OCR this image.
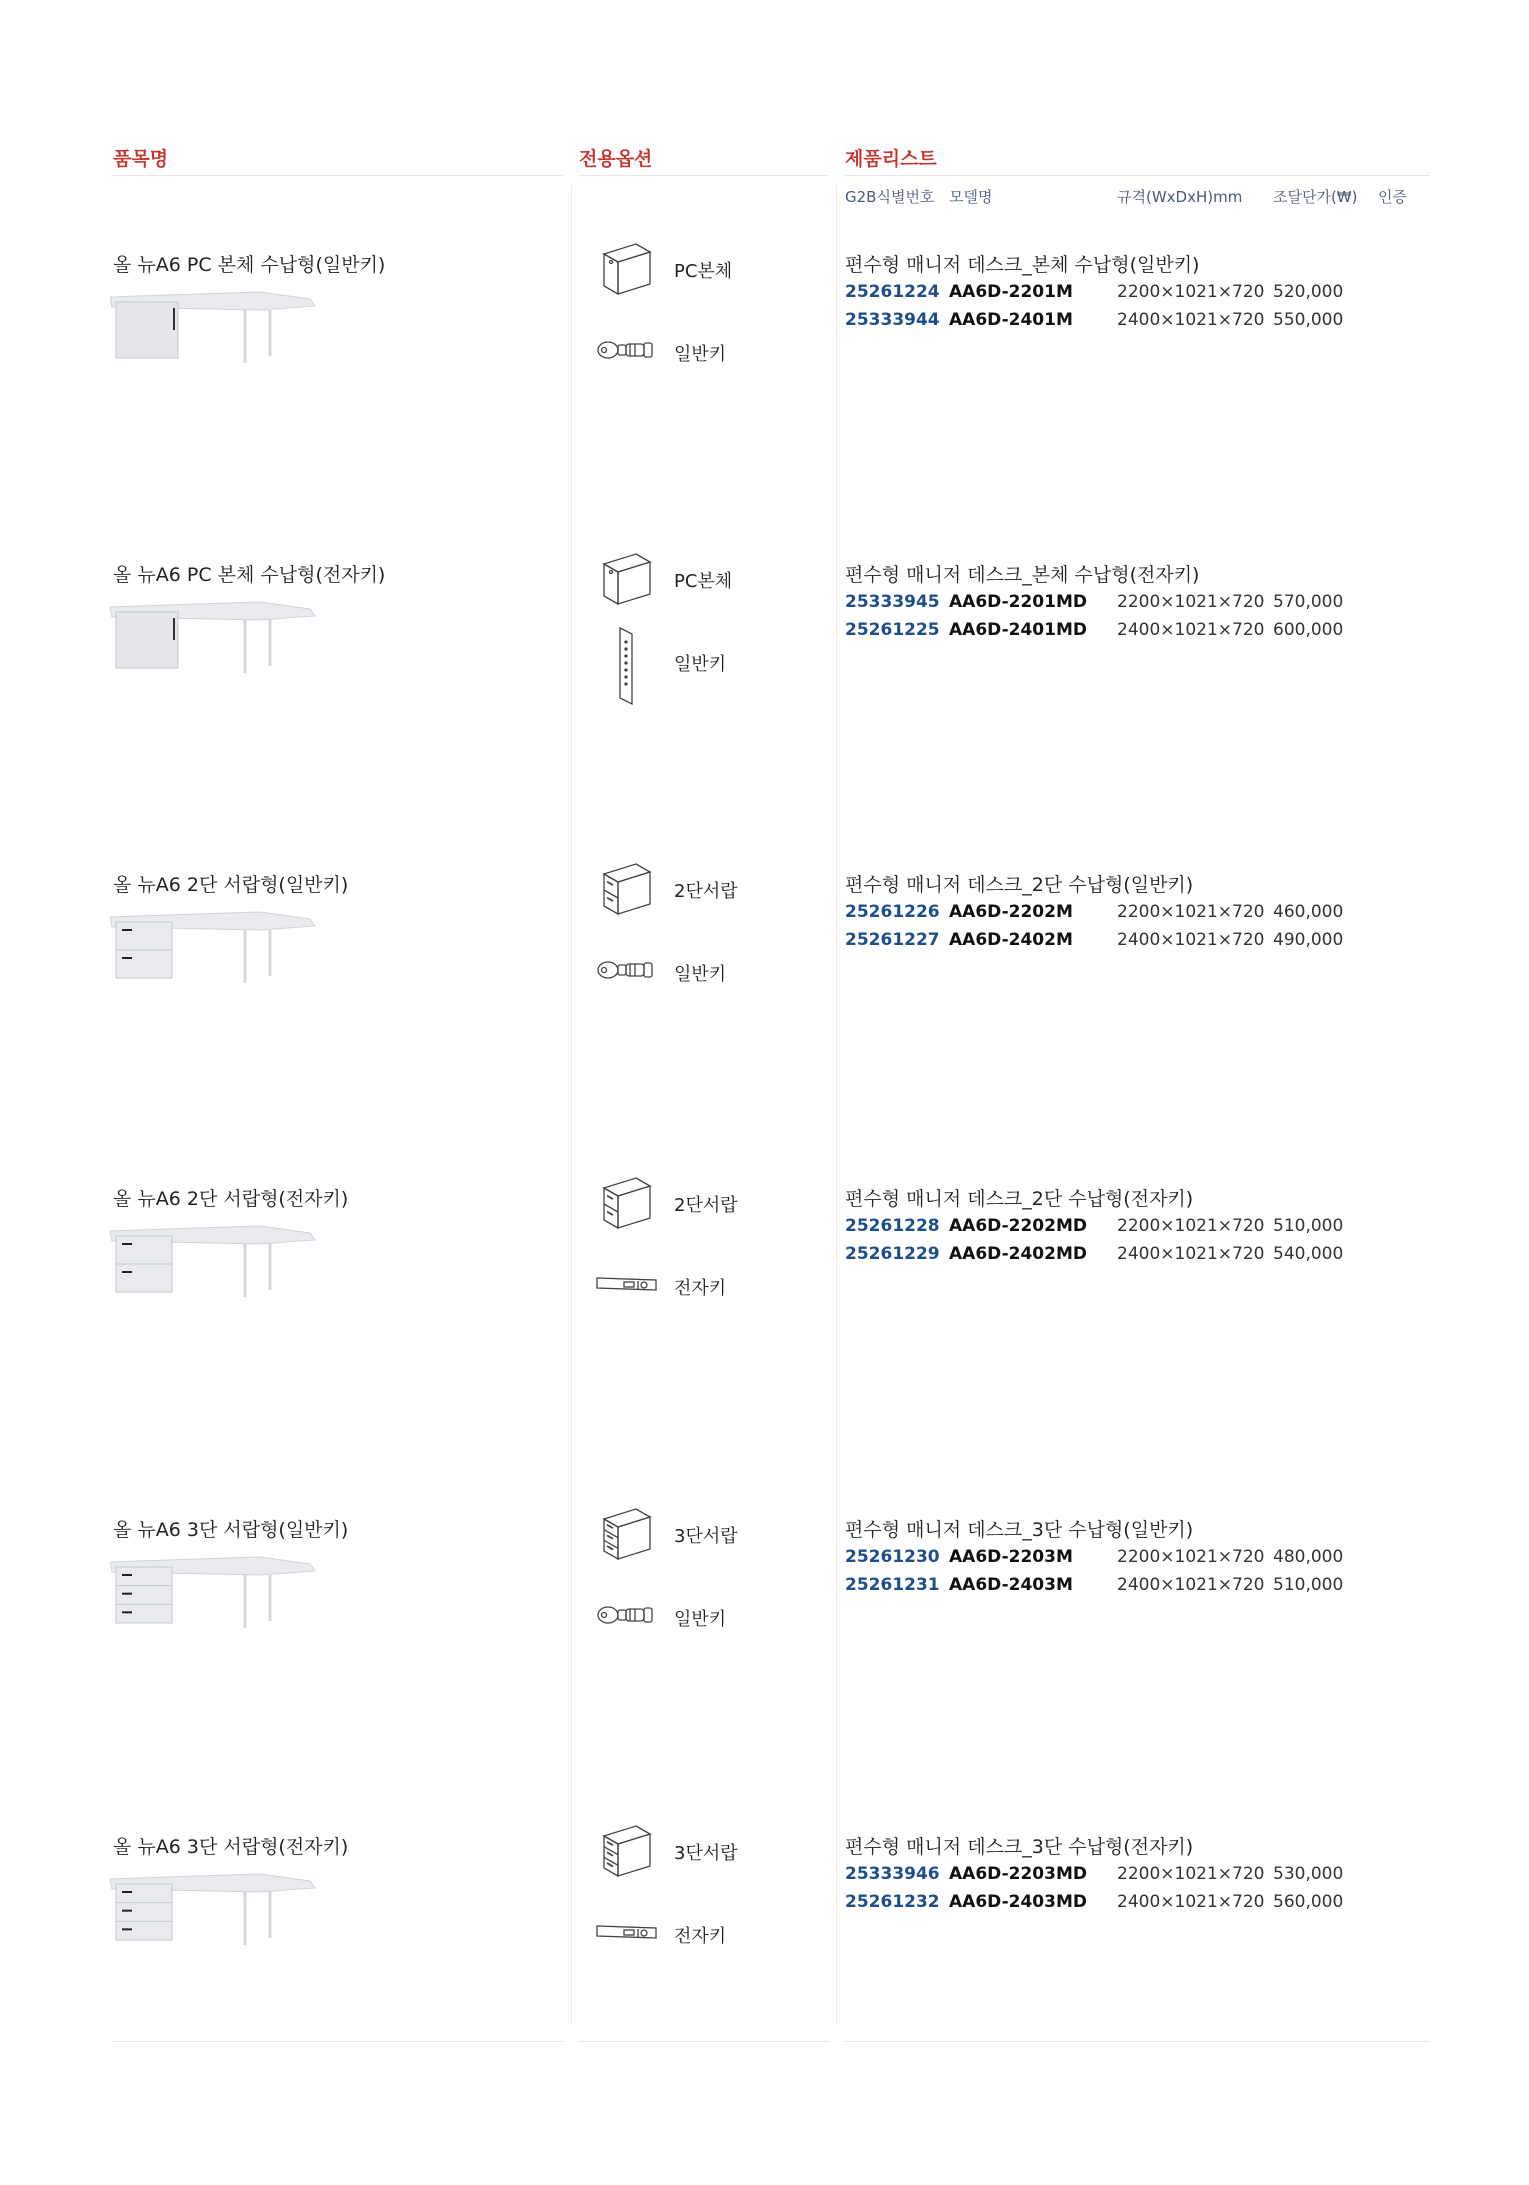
품목명	전용옵션	제품리스트
G2B식별번호 모델명	규격(WxDxH)mm 조달단가(₩) 인증
올 뉴A6 PC 본체 수납형(일반키)	PC본체
일반키
편수형 매니저 데스크_본체 수납형(일반키)
25261224 AA6D-2201M	2200×1021×720 520,000
25333944 AA6D-2401M	2400×1021×720 550,000
올 뉴A6 PC 본체 수납형(전자키)	PC본체
일반키
편수형 매니저 데스크_본체 수납형(전자키)
25333945 AA6D-2201MD 2200×1021×720 570,000
25261225 AA6D-2401MD 2400×1021×720 600,000
올 뉴A6 2단 서랍형(일반키)	2단서랍
일반키
편수형 매니저 데스크_2단 수납형(일반키)
25261226 AA6D-2202M	2200×1021×720 460,000
25261227 AA6D-2402M	2400×1021×720 490,000
올 뉴A6 2단 서랍형(전자키)	2단서랍
전자키
편수형 매니저 데스크_2단 수납형(전자키)
25261228 AA6D-2202MD 2200×1021×720 510,000
25261229 AA6D-2402MD 2400×1021×720 540,000
올 뉴A6 3단 서랍형(일반키)	3단서랍
일반키
편수형 매니저 데스크_3단 수납형(일반키)
25261230 AA6D-2203M	2200×1021×720 480,000
25261231 AA6D-2403M	2400×1021×720 510,000
올 뉴A6 3단 서랍형(전자키)	3단서랍
전자키
편수형 매니저 데스크_3단 수납형(전자키)
25333946 AA6D-2203MD 2200×1021×720 530,000
25261232 AA6D-2403MD 2400×1021×720 560,000
